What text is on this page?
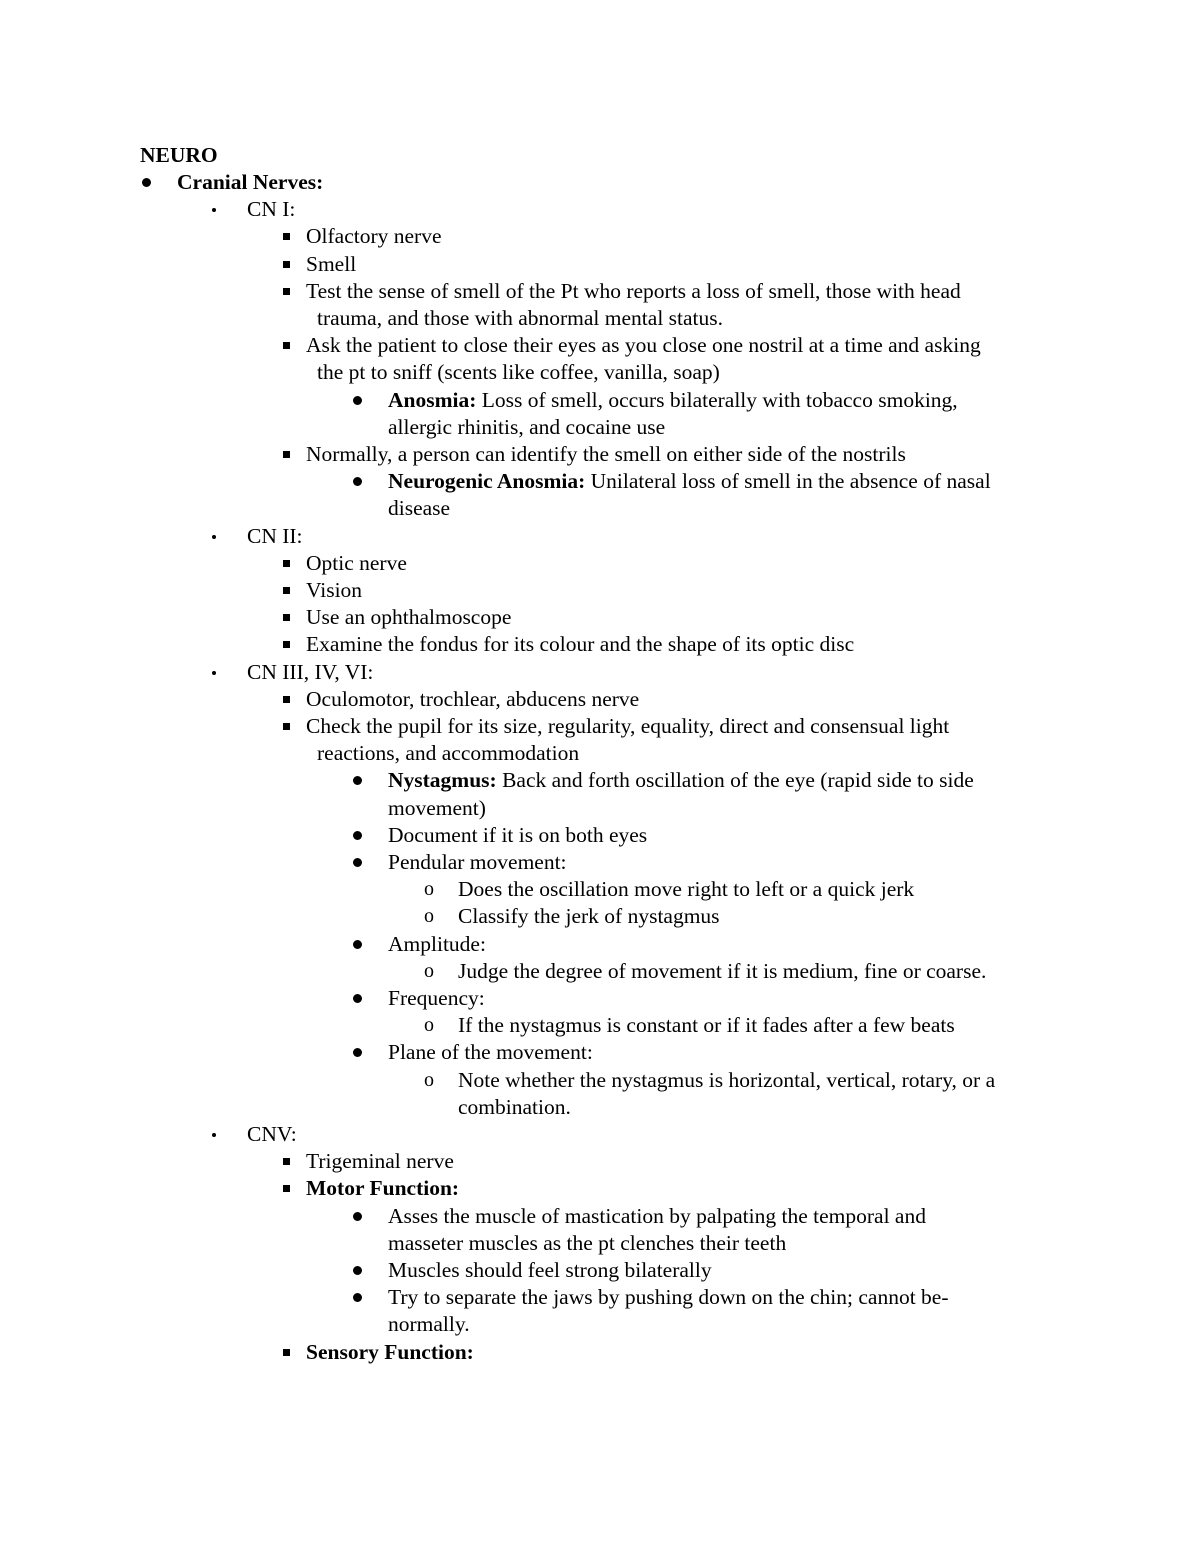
NEURO
Cranial Nerves:
CN I:
Olfactory nerve
Smell
Test the sense of smell of the Pt who reports a loss of smell, those with head
trauma, and those with abnormal mental status.
Ask the patient to close their eyes as you close one nostril at a time and asking
the pt to sniff (scents like coffee, vanilla, soap)
Anosmia: Loss of smell, occurs bilaterally with tobacco smoking,
allergic rhinitis, and cocaine use
Normally, a person can identify the smell on either side of the nostrils
Neurogenic Anosmia: Unilateral loss of smell in the absence of nasal
disease
CN II:
Optic nerve
Vision
Use an ophthalmoscope
Examine the fondus for its colour and the shape of its optic disc
CN III, IV, VI:
Oculomotor, trochlear, abducens nerve
Check the pupil for its size, regularity, equality, direct and consensual light
reactions, and accommodation
Nystagmus: Back and forth oscillation of the eye (rapid side to side
movement)
Document if it is on both eyes
Pendular movement:
o Does the oscillation move right to left or a quick jerk
o Classify the jerk of nystagmus
Amplitude:
o Judge the degree of movement if it is medium, fine or coarse.
Frequency:
o If the nystagmus is constant or if it fades after a few beats
Plane of the movement:
o Note whether the nystagmus is horizontal, vertical, rotary, or a
combination.
CNV:
Trigeminal nerve
Motor Function:
Asses the muscle of mastication by palpating the temporal and
masseter muscles as the pt clenches their teeth
Muscles should feel strong bilaterally
Try to separate the jaws by pushing down on the chin; cannot be-
normally.
Sensory Function:
